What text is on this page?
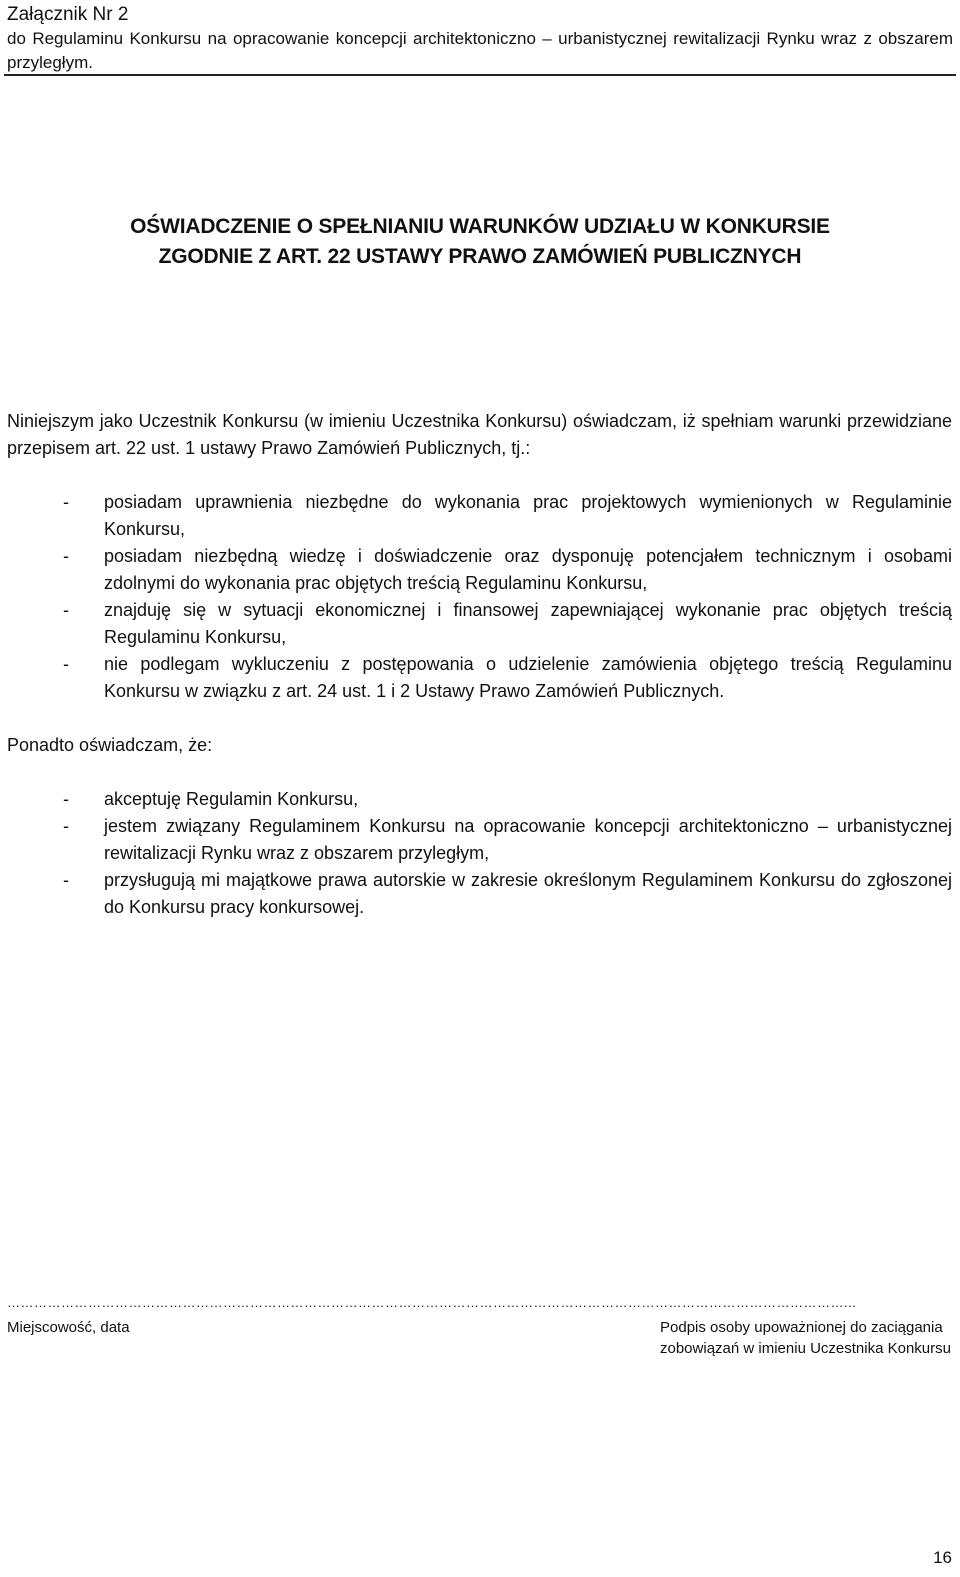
Załącznik Nr 2
do Regulaminu Konkursu na opracowanie koncepcji architektoniczno – urbanistycznej rewitalizacji Rynku wraz z obszarem przyległym.
OŚWIADCZENIE O SPEŁNIANIU WARUNKÓW UDZIAŁU W KONKURSIE
ZGODNIE Z ART. 22 USTAWY PRAWO ZAMÓWIEŃ PUBLICZNYCH
Niniejszym jako Uczestnik Konkursu (w imieniu Uczestnika Konkursu) oświadczam, iż spełniam warunki przewidziane przepisem art. 22 ust. 1 ustawy Prawo Zamówień Publicznych, tj.:
- posiadam uprawnienia niezbędne do wykonania prac projektowych wymienionych w Regulaminie Konkursu,
- posiadam niezbędną wiedzę i doświadczenie oraz dysponuję potencjałem technicznym i osobami zdolnymi do wykonania prac objętych treścią Regulaminu Konkursu,
- znajduję się w sytuacji ekonomicznej i finansowej zapewniającej wykonanie prac objętych treścią Regulaminu Konkursu,
- nie podlegam wykluczeniu z postępowania o udzielenie zamówienia objętego treścią Regulaminu Konkursu w związku z art. 24 ust. 1 i 2 Ustawy Prawo Zamówień Publicznych.
Ponadto oświadczam, że:
- akceptuję Regulamin Konkursu,
- jestem związany Regulaminem Konkursu na opracowanie koncepcji architektoniczno – urbanistycznej rewitalizacji Rynku wraz z obszarem przyległym,
- przysługują mi majątkowe prawa autorskie w zakresie określonym Regulaminem Konkursu do zgłoszonej do Konkursu pracy konkursowej.
……………………………………………………………………………………………………………………………………………………………………...
Miejscowość, data	Podpis osoby upoważnionej do zaciągania
zobowiązań w imieniu Uczestnika Konkursu
16
